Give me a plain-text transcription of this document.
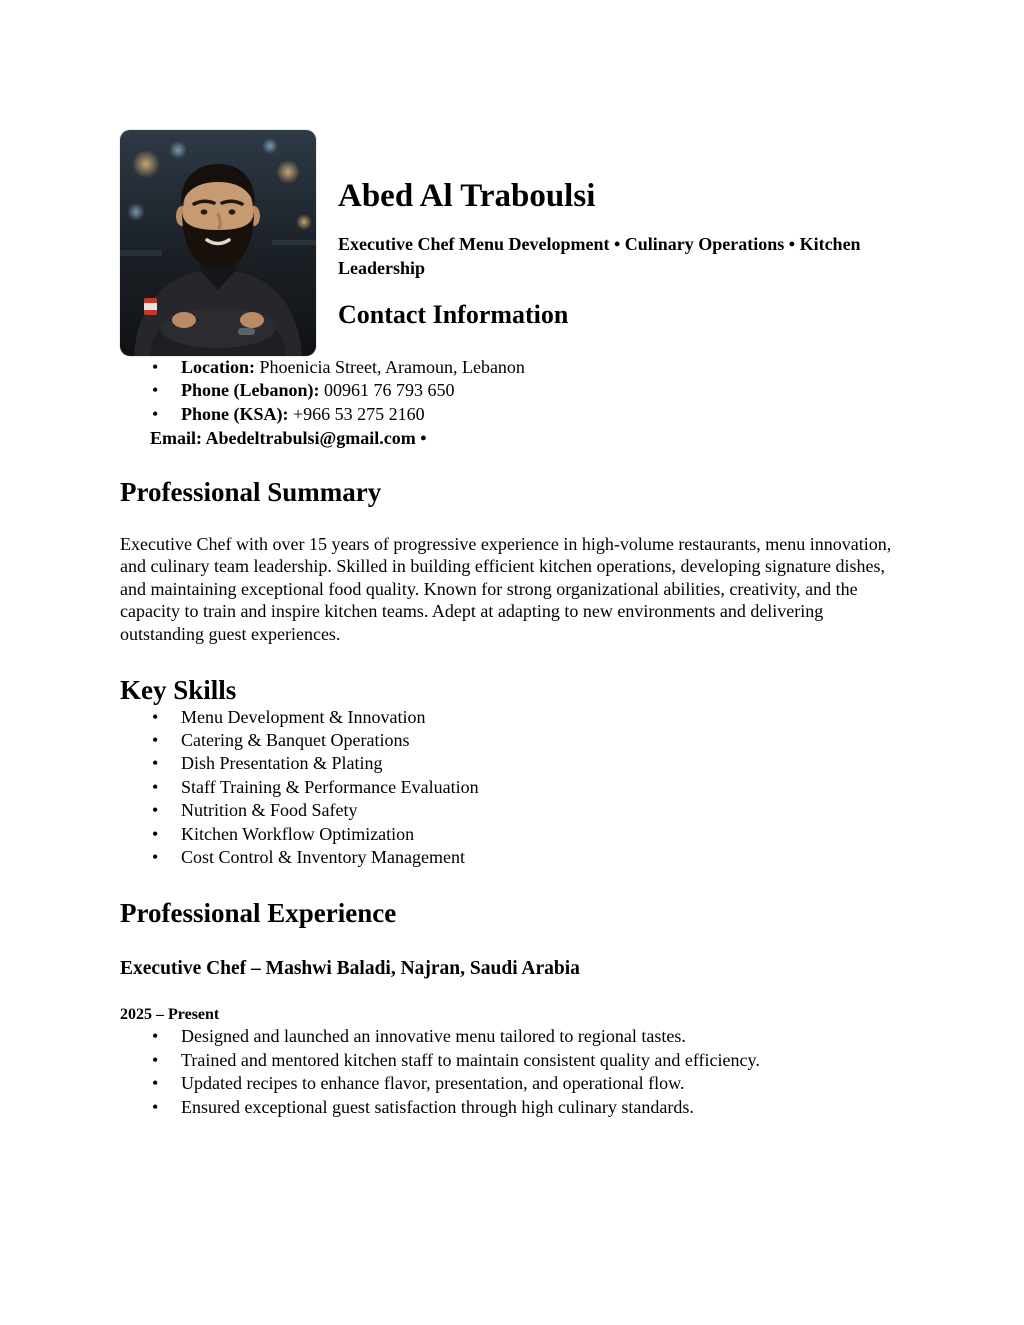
Abed Al Traboulsi
Executive Chef Menu Development • Culinary Operations • Kitchen Leadership
Contact Information
• Location: Phoenicia Street, Aramoun, Lebanon
• Phone (Lebanon): 00961 76 793 650
• Phone (KSA): +966 53 275 2160
Email: Abedeltrabulsi@gmail.com •
Professional Summary
Executive Chef with over 15 years of progressive experience in high-volume restaurants, menu innovation, and culinary team leadership. Skilled in building efficient kitchen operations, developing signature dishes, and maintaining exceptional food quality. Known for strong organizational abilities, creativity, and the capacity to train and inspire kitchen teams. Adept at adapting to new environments and delivering outstanding guest experiences.
Key Skills
• Menu Development & Innovation
• Catering & Banquet Operations
• Dish Presentation & Plating
• Staff Training & Performance Evaluation
• Nutrition & Food Safety
• Kitchen Workflow Optimization
• Cost Control & Inventory Management
Professional Experience
Executive Chef – Mashwi Baladi, Najran, Saudi Arabia
2025 – Present
• Designed and launched an innovative menu tailored to regional tastes.
• Trained and mentored kitchen staff to maintain consistent quality and efficiency.
• Updated recipes to enhance flavor, presentation, and operational flow.
• Ensured exceptional guest satisfaction through high culinary standards.
